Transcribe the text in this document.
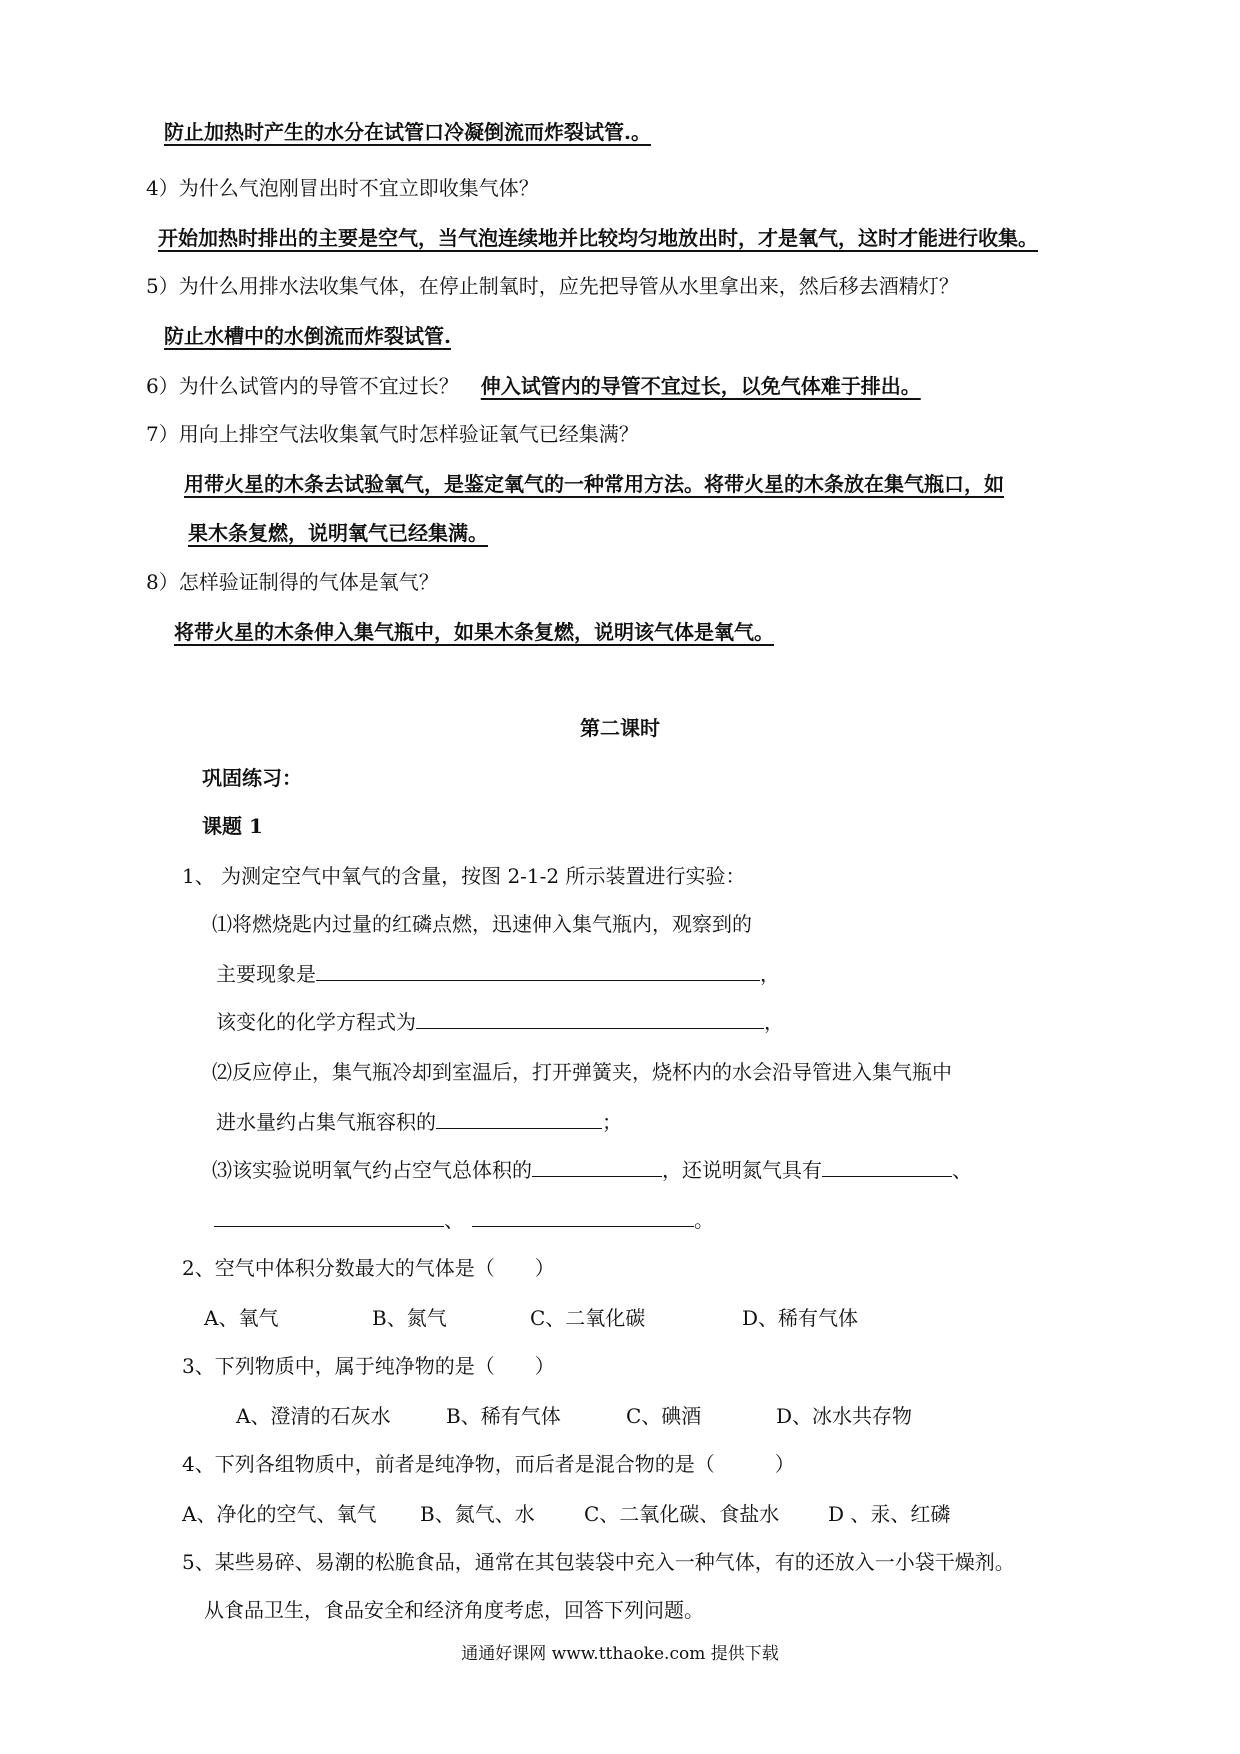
防止加热时产生的水分在试管口冷凝倒流而炸裂试管.。
4）为什么气泡刚冒出时不宜立即收集气体？
开始加热时排出的主要是空气，当气泡连续地并比较均匀地放出时，才是氧气，这时才能进行收集。
5）为什么用排水法收集气体，在停止制氧时，应先把导管从水里拿出来，然后移去酒精灯？
防止水槽中的水倒流而炸裂试管.
6）为什么试管内的导管不宜过长？ 伸入试管内的导管不宜过长，以免气体难于排出。
7）用向上排空气法收集氧气时怎样验证氧气已经集满？
用带火星的木条去试验氧气，是鉴定氧气的一种常用方法。将带火星的木条放在集气瓶口，如
果木条复燃，说明氧气已经集满。
8）怎样验证制得的气体是氧气？
将带火星的木条伸入集气瓶中，如果木条复燃，说明该气体是氧气。
第二课时
巩固练习：
课题 1
1、 为测定空气中氧气的含量，按图 2-1-2 所示装置进行实验：
⑴将燃烧匙内过量的红磷点燃，迅速伸入集气瓶内，观察到的
主要现象是	，
该变化的化学方程式为	，
⑵反应停止，集气瓶冷却到室温后，打开弹簧夹，烧杯内的水会沿导管进入集气瓶中
进水量约占集气瓶容积的	；
⑶该实验说明氧气约占空气总体积的	，还说明氮气具有	、
、	。
2、空气中体积分数最大的气体是（　　）
A、氧气	B、氮气	C、二氧化碳	D、稀有气体
3、下列物质中，属于纯净物的是（　　）
A、澄清的石灰水	B、稀有气体	C、碘酒	D、冰水共存物
4、下列各组物质中，前者是纯净物，而后者是混合物的是（　　　）
A、净化的空气、氧气 B、氮气、水 C、二氧化碳、食盐水 D 、汞、红磷
5、某些易碎、易潮的松脆食品，通常在其包装袋中充入一种气体，有的还放入一小袋干燥剂。
从食品卫生，食品安全和经济角度考虑，回答下列问题。
通通好课网 www.tthaoke.com 提供下载
